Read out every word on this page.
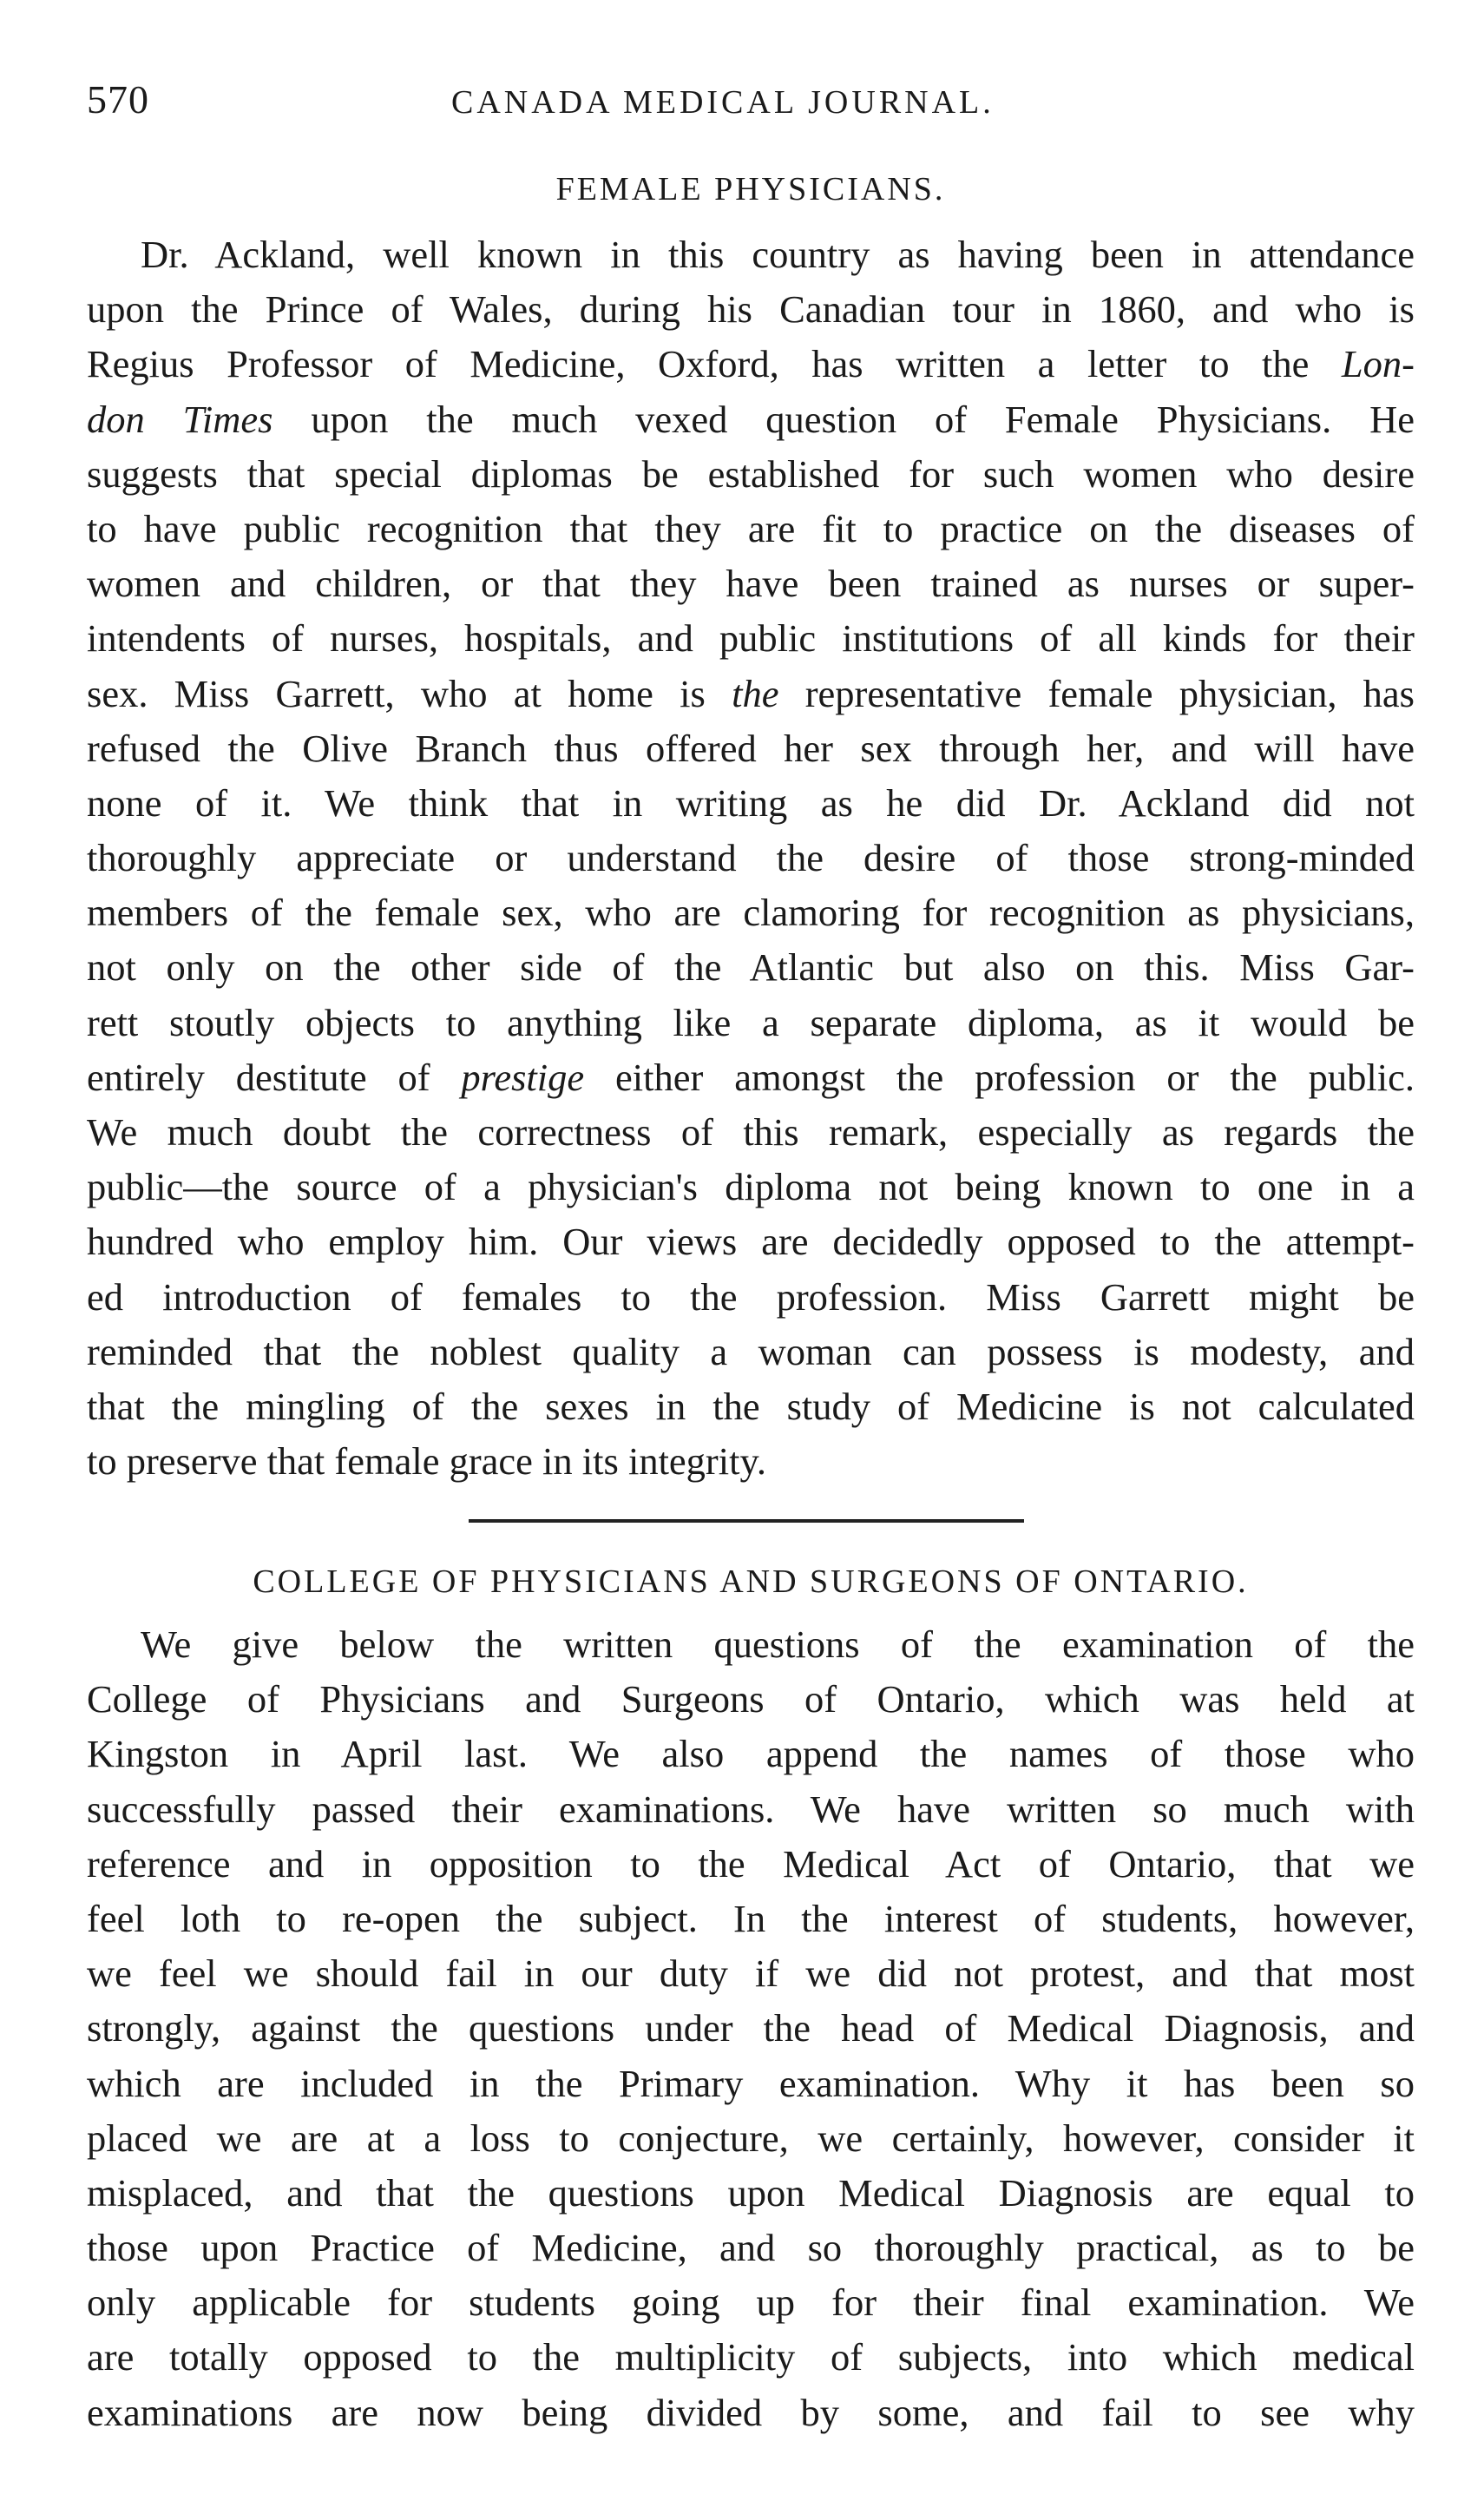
570	CANADA MEDICAL JOURNAL.
FEMALE PHYSICIANS.
Dr. Ackland, well known in this country as having been in attendance
upon the Prince of Wales, during his Canadian tour in 1860, and who is
Regius Professor of Medicine, Oxford, has written a letter to the Lon-
don Times upon the much vexed question of Female Physicians. He
suggests that special diplomas be established for such women who desire
to have public recognition that they are fit to practice on the diseases of
women and children, or that they have been trained as nurses or super-
intendents of nurses, hospitals, and public institutions of all kinds for their
sex. Miss Garrett, who at home is the representative female physician, has
refused the Olive Branch thus offered her sex through her, and will have
none of it. We think that in writing as he did Dr. Ackland did not
thoroughly appreciate or understand the desire of those strong-minded
members of the female sex, who are clamoring for recognition as physicians,
not only on the other side of the Atlantic but also on this. Miss Gar-
rett stoutly objects to anything like a separate diploma, as it would be
entirely destitute of prestige either amongst the profession or the public.
We much doubt the correctness of this remark, especially as regards the
public—the source of a physician's diploma not being known to one in a
hundred who employ him. Our views are decidedly opposed to the attempt-
ed introduction of females to the profession. Miss Garrett might be
reminded that the noblest quality a woman can possess is modesty, and
that the mingling of the sexes in the study of Medicine is not calculated
to preserve that female grace in its integrity.
COLLEGE OF PHYSICIANS AND SURGEONS OF ONTARIO.
We give below the written questions of the examination of the
College of Physicians and Surgeons of Ontario, which was held at
Kingston in April last. We also append the names of those who
successfully passed their examinations. We have written so much with
reference and in opposition to the Medical Act of Ontario, that we
feel loth to re-open the subject. In the interest of students, however,
we feel we should fail in our duty if we did not protest, and that most
strongly, against the questions under the head of Medical Diagnosis, and
which are included in the Primary examination. Why it has been so
placed we are at a loss to conjecture, we certainly, however, consider it
misplaced, and that the questions upon Medical Diagnosis are equal to
those upon Practice of Medicine, and so thoroughly practical, as to be
only applicable for students going up for their final examination. We
are totally opposed to the multiplicity of subjects, into which medical
examinations are now being divided by some, and fail to see why
